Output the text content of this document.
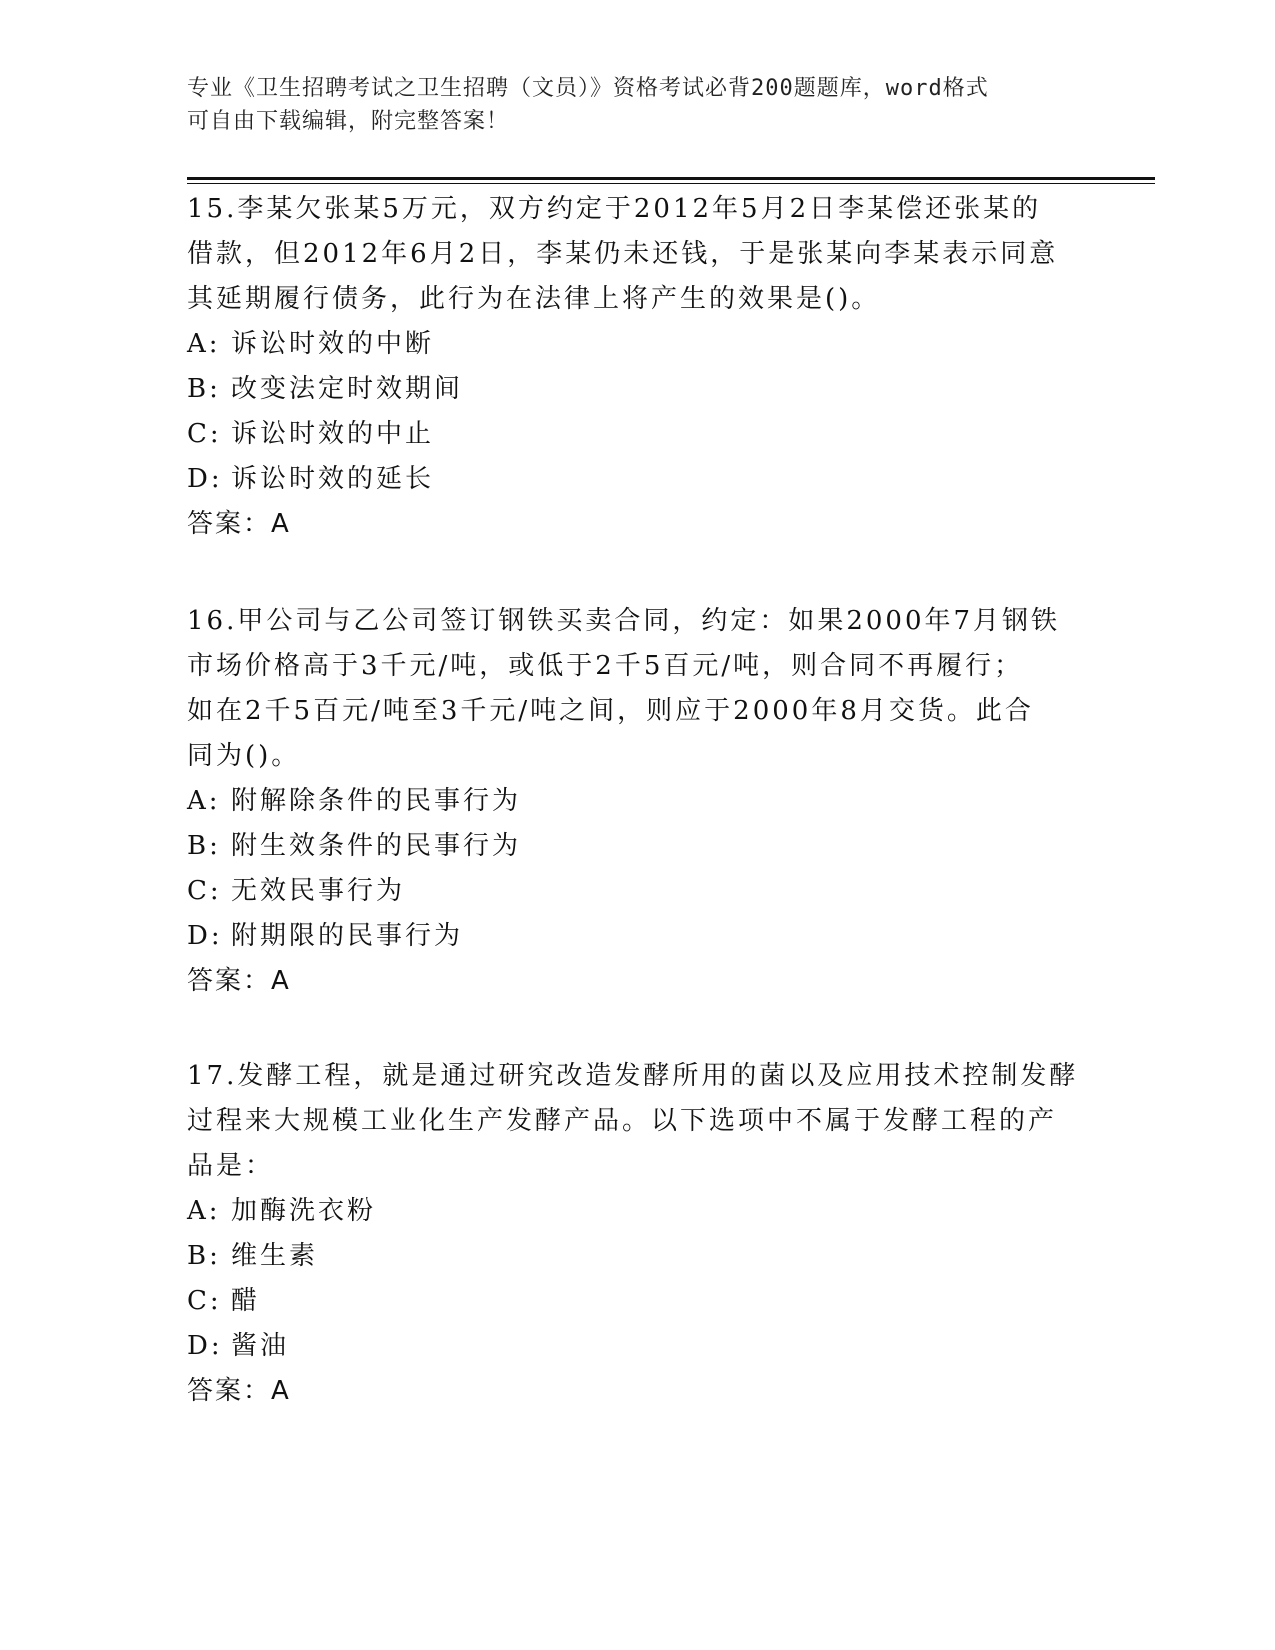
专业《卫生招聘考试之卫生招聘（文员）》资格考试必背200题题库，word格式
可自由下载编辑，附完整答案！

15.李某欠张某5万元，双方约定于2012年5月2日李某偿还张某的

借款，但2012年6月2日，李某仍未还钱，于是张某向李某表示同意

其延期履行债务，此行为在法律上将产生的效果是()。

A: 诉讼时效的中断

B: 改变法定时效期间

C: 诉讼时效的中止

D: 诉讼时效的延长

答案：A

16.甲公司与乙公司签订钢铁买卖合同，约定：如果2000年7月钢铁

市场价格高于3千元/吨，或低于2千5百元/吨，则合同不再履行；

如在2千5百元/吨至3千元/吨之间，则应于2000年8月交货。此合

同为()。

A: 附解除条件的民事行为

B: 附生效条件的民事行为

C: 无效民事行为

D: 附期限的民事行为

答案：A

17.发酵工程，就是通过研究改造发酵所用的菌以及应用技术控制发酵

过程来大规模工业化生产发酵产品。以下选项中不属于发酵工程的产

品是：

A: 加酶洗衣粉

B: 维生素

C: 醋

D: 酱油

答案：A
